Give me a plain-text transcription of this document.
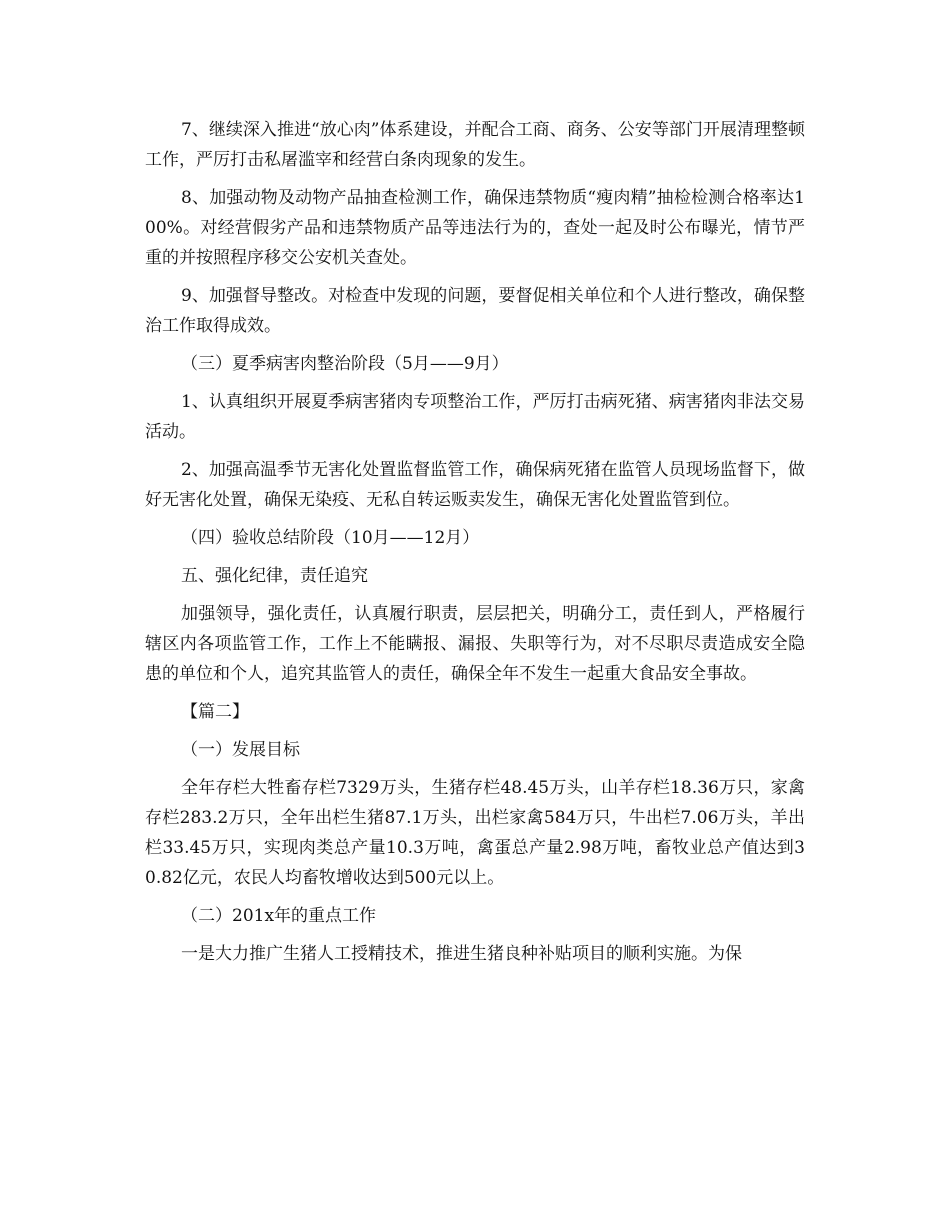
7、继续深入推进“放心肉”体系建设，并配合工商、商务、公安等部门开展清理整顿工作，严厉打击私屠滥宰和经营白条肉现象的发生。

8、加强动物及动物产品抽查检测工作，确保违禁物质“瘦肉精”抽检检测合格率达100%。对经营假劣产品和违禁物质产品等违法行为的，查处一起及时公布曝光，情节严重的并按照程序移交公安机关查处。

9、加强督导整改。对检查中发现的问题，要督促相关单位和个人进行整改，确保整治工作取得成效。

（三）夏季病害肉整治阶段（5月——9月）

1、认真组织开展夏季病害猪肉专项整治工作，严厉打击病死猪、病害猪肉非法交易活动。

2、加强高温季节无害化处置监督监管工作，确保病死猪在监管人员现场监督下，做好无害化处置，确保无染疫、无私自转运贩卖发生，确保无害化处置监管到位。

（四）验收总结阶段（10月——12月）

五、强化纪律，责任追究

加强领导，强化责任，认真履行职责，层层把关，明确分工，责任到人，严格履行辖区内各项监管工作，工作上不能瞒报、漏报、失职等行为，对不尽职尽责造成安全隐患的单位和个人，追究其监管人的责任，确保全年不发生一起重大食品安全事故。

【篇二】

（一）发展目标

全年存栏大牲畜存栏7329万头，生猪存栏48.45万头，山羊存栏18.36万只，家禽存栏283.2万只，全年出栏生猪87.1万头，出栏家禽584万只，牛出栏7.06万头，羊出栏33.45万只，实现肉类总产量10.3万吨，禽蛋总产量2.98万吨，畜牧业总产值达到30.82亿元，农民人均畜牧增收达到500元以上。

（二）201x年的重点工作

一是大力推广生猪人工授精技术，推进生猪良种补贴项目的顺利实施。为保
